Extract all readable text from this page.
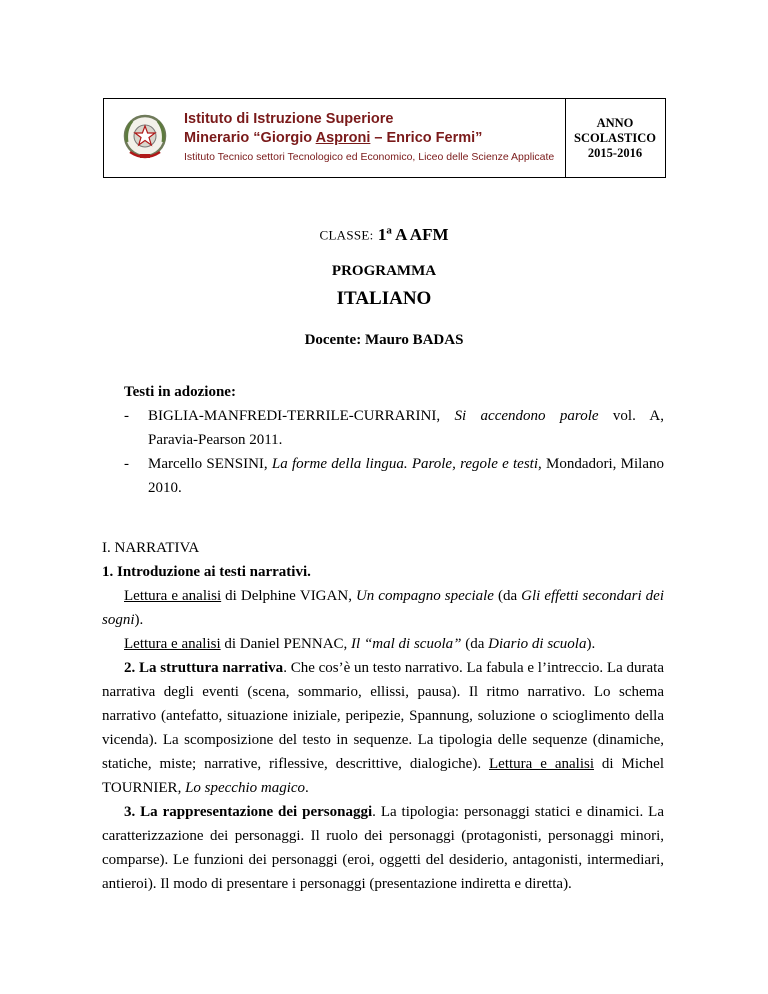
Istituto di Istruzione Superiore
Minerario “Giorgio Asproni – Enrico Fermi”
Istituto Tecnico settori Tecnologico ed Economico, Liceo delle Scienze Applicate
ANNO
SCOLASTICO
2015-2016
CLASSE: 1$^a$ A AFM
PROGRAMMA
ITALIANO
Docente: Mauro BADAS
Testi in adozione:
- BIGLIA-MANFREDI-TERRILE-CURRARINI, Si accendono parole vol. A, Paravia-Pearson 2011.
- Marcello SENSINI, La forme della lingua. Parole, regole e testi, Mondadori, Milano 2010.
I. NARRATIVA
1. Introduzione ai testi narrativi.
Lettura e analisi di Delphine VIGAN, Un compagno speciale (da Gli effetti secondari dei sogni).
Lettura e analisi di Daniel PENNAC, Il “mal di scuola” (da Diario di scuola).
2. La struttura narrativa. Che cos’è un testo narrativo. La fabula e l’intreccio. La durata narrativa degli eventi (scena, sommario, ellissi, pausa). Il ritmo narrativo. Lo schema narrativo (antefatto, situazione iniziale, peripezie, Spannung, soluzione o scioglimento della vicenda). La scomposizione del testo in sequenze. La tipologia delle sequenze (dinamiche, statiche, miste; narrative, riflessive, descrittive, dialogiche). Lettura e analisi di Michel TOURNIER, Lo specchio magico.
3. La rappresentazione dei personaggi. La tipologia: personaggi statici e dinamici. La caratterizzazione dei personaggi. Il ruolo dei personaggi (protagonisti, personaggi minori, comparse). Le funzioni dei personaggi (eroi, oggetti del desiderio, antagonisti, intermediari, antieroi). Il modo di presentare i personaggi (presentazione indiretta e diretta).
